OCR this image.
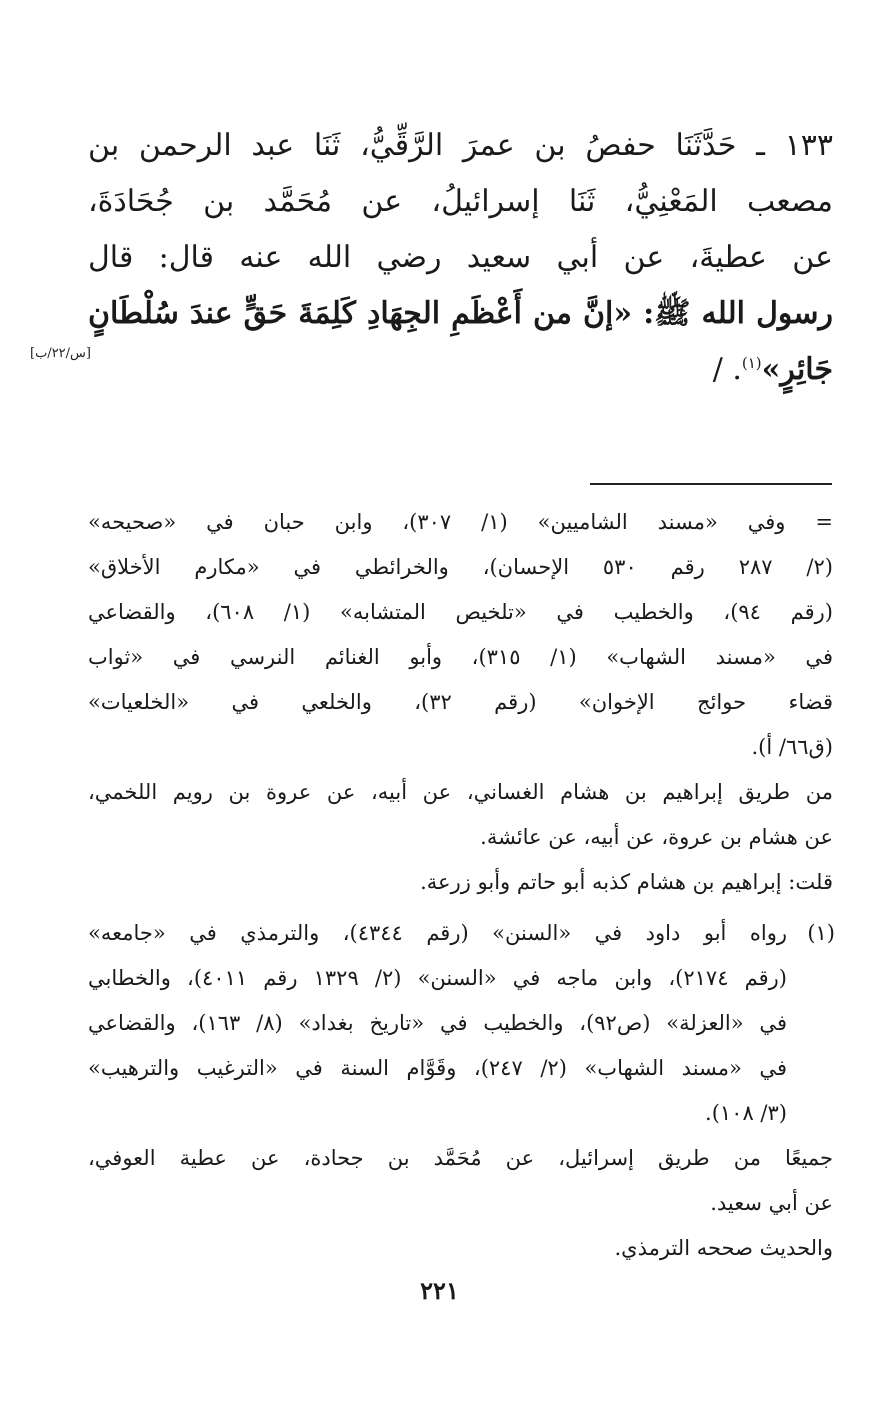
١٣٣ ـ حَدَّثَنَا حفصُ بن عمرَ الرَّقِّيُّ، ثَنَا عبد الرحمن بن
مصعب المَعْنِيُّ، ثَنَا إسرائيلُ، عن مُحَمَّد بن جُحَادَةَ،
عن عطيةَ، عن أبي سعيد رضي الله عنه قال: قال
رسول الله ﷺ: «إنَّ من أَعْظَمِ الجِهَادِ كَلِمَةَ حَقٍّ عندَ سُلْطَانٍ
جَائِرٍ»$^{(١)}$. /
[س/٢٢/ب]
= وفي «مسند الشاميين» (١/ ٣٠٧)، وابن حبان في «صحيحه»
(٢/ ٢٨٧ رقم ٥٣٠ الإحسان)، والخرائطي في «مكارم الأخلاق»
(رقم ٩٤)، والخطيب في «تلخيص المتشابه» (١/ ٦٠٨)، والقضاعي
في «مسند الشهاب» (١/ ٣١٥)، وأبو الغنائم النرسي في «ثواب
قضاء حوائج الإخوان» (رقم ٣٢)، والخلعي في «الخلعيات»
(ق٦٦/ أ).
من طريق إبراهيم بن هشام الغساني، عن أبيه، عن عروة بن رويم اللخمي،
عن هشام بن عروة، عن أبيه، عن عائشة.
قلت: إبراهيم بن هشام كذبه أبو حاتم وأبو زرعة.
(١)
رواه أبو داود في «السنن» (رقم ٤٣٤٤)، والترمذي في «جامعه»
(رقم ٢١٧٤)، وابن ماجه في «السنن» (٢/ ١٣٢٩ رقم ٤٠١١)، والخطابي
في «العزلة» (ص٩٢)، والخطيب في «تاريخ بغداد» (٨/ ١٦٣)، والقضاعي
في «مسند الشهاب» (٢/ ٢٤٧)، وقَوَّام السنة في «الترغيب والترهيب»
(٣/ ١٠٨).
جميعًا من طريق إسرائيل، عن مُحَمَّد بن جحادة، عن عطية العوفي،
عن أبي سعيد.
والحديث صححه الترمذي.
٢٢١
